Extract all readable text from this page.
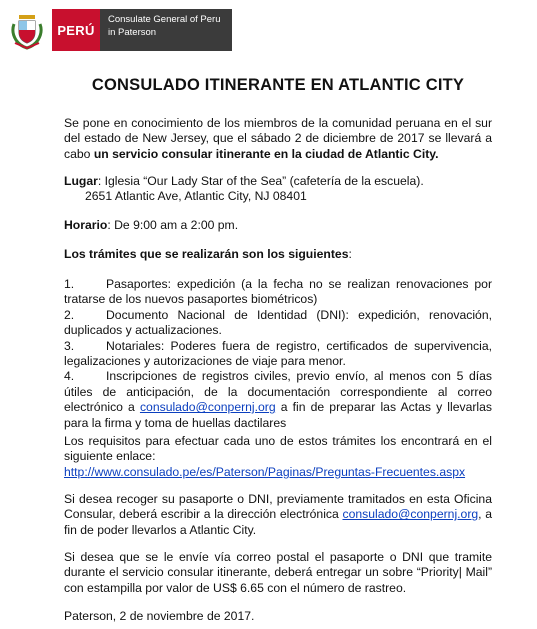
PERÚ
Consulate General of Peru
in Paterson
CONSULADO ITINERANTE EN ATLANTIC CITY
Se pone en conocimiento de los miembros de la comunidad peruana en el sur del estado de New Jersey, que el sábado 2 de diciembre de 2017 se llevará a cabo un servicio consular itinerante en la ciudad de Atlantic City.
Lugar: Iglesia “Our Lady Star of the Sea” (cafetería de la escuela).
2651 Atlantic Ave, Atlantic City, NJ 08401
Horario: De 9:00 am a 2:00 pm.
Los trámites que se realizarán son los siguientes:
1.	Pasaportes: expedición (a la fecha no se realizan renovaciones por tratarse de los nuevos pasaportes biométricos)
2.	Documento Nacional de Identidad (DNI): expedición, renovación, duplicados y actualizaciones.
3.	Notariales: Poderes fuera de registro, certificados de supervivencia, legalizaciones y autorizaciones de viaje para menor.
4.	Inscripciones de registros civiles, previo envío, al menos con 5 días útiles de anticipación, de la documentación correspondiente al correo electrónico a consulado@conpernj.org a fin de preparar las Actas y llevarlas para la firma y toma de huellas dactilares
Los requisitos para efectuar cada uno de estos trámites los encontrará en el siguiente enlace:
http://www.consulado.pe/es/Paterson/Paginas/Preguntas-Frecuentes.aspx
Si desea recoger su pasaporte o DNI, previamente tramitados en esta Oficina Consular, deberá escribir a la dirección electrónica consulado@conpernj.org, a fin de poder llevarlos a Atlantic City.
Si desea que se le envíe vía correo postal el pasaporte o DNI que tramite durante el servicio consular itinerante, deberá entregar un sobre “Priority| Mail” con estampilla por valor de US$ 6.65 con el número de rastreo.
Paterson, 2 de noviembre de 2017.
